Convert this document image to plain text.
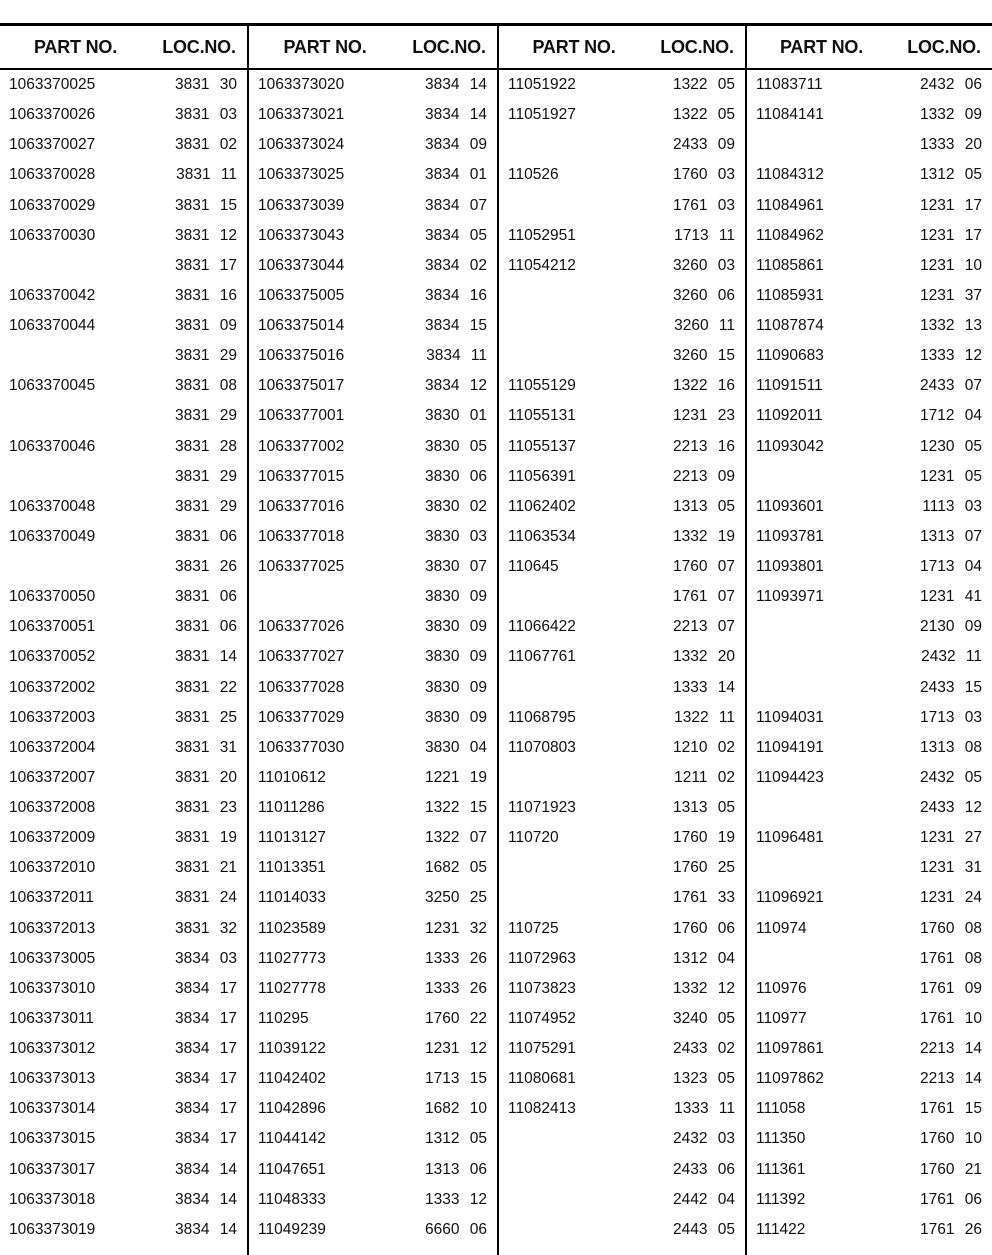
PART NO.	LOC.NO.
1063370025	3831 30
1063370026	3831 03
1063370027	3831 02
1063370028	3831 11
1063370029	3831 15
1063370030	3831 12
3831 17
1063370042	3831 16
1063370044	3831 09
3831 29
1063370045	3831 08
3831 29
1063370046	3831 28
3831 29
1063370048	3831 29
1063370049	3831 06
3831 26
1063370050	3831 06
1063370051	3831 06
1063370052	3831 14
1063372002	3831 22
1063372003	3831 25
1063372004	3831 31
1063372007	3831 20
1063372008	3831 23
1063372009	3831 19
1063372010	3831 21
1063372011	3831 24
1063372013	3831 32
1063373005	3834 03
1063373010	3834 17
1063373011	3834 17
1063373012	3834 17
1063373013	3834 17
1063373014	3834 17
1063373015	3834 17
1063373017	3834 14
1063373018	3834 14
1063373019	3834 14
PART NO.	LOC.NO.
1063373020	3834 14
1063373021	3834 14
1063373024	3834 09
1063373025	3834 01
1063373039	3834 07
1063373043	3834 05
1063373044	3834 02
1063375005	3834 16
1063375014	3834 15
1063375016	3834 11
1063375017	3834 12
1063377001	3830 01
1063377002	3830 05
1063377015	3830 06
1063377016	3830 02
1063377018	3830 03
1063377025	3830 07
3830 09
1063377026	3830 09
1063377027	3830 09
1063377028	3830 09
1063377029	3830 09
1063377030	3830 04
11010612	1221 19
11011286	1322 15
11013127	1322 07
11013351	1682 05
11014033	3250 25
11023589	1231 32
11027773	1333 26
11027778	1333 26
110295	1760 22
11039122	1231 12
11042402	1713 15
11042896	1682 10
11044142	1312 05
11047651	1313 06
11048333	1333 12
11049239	6660 06
PART NO.	LOC.NO.
11051922	1322 05
11051927	1322 05
2433 09
110526	1760 03
1761 03
11052951	1713 11
11054212	3260 03
3260 06
3260 11
3260 15
11055129	1322 16
11055131	1231 23
11055137	2213 16
11056391	2213 09
11062402	1313 05
11063534	1332 19
110645	1760 07
1761 07
11066422	2213 07
11067761	1332 20
1333 14
11068795	1322 11
11070803	1210 02
1211 02
11071923	1313 05
110720	1760 19
1760 25
1761 33
110725	1760 06
11072963	1312 04
11073823	1332 12
11074952	3240 05
11075291	2433 02
11080681	1323 05
11082413	1333 11
2432 03
2433 06
2442 04
2443 05
PART NO.	LOC.NO.
11083711	2432 06
11084141	1332 09
1333 20
11084312	1312 05
11084961	1231 17
11084962	1231 17
11085861	1231 10
11085931	1231 37
11087874	1332 13
11090683	1333 12
11091511	2433 07
11092011	1712 04
11093042	1230 05
1231 05
11093601	1113 03
11093781	1313 07
11093801	1713 04
11093971	1231 41
2130 09
2432 11
2433 15
11094031	1713 03
11094191	1313 08
11094423	2432 05
2433 12
11096481	1231 27
1231 31
11096921	1231 24
110974	1760 08
1761 08
110976	1761 09
110977	1761 10
11097861	2213 14
11097862	2213 14
111058	1761 15
111350	1760 10
111361	1760 21
111392	1761 06
111422	1761 26
